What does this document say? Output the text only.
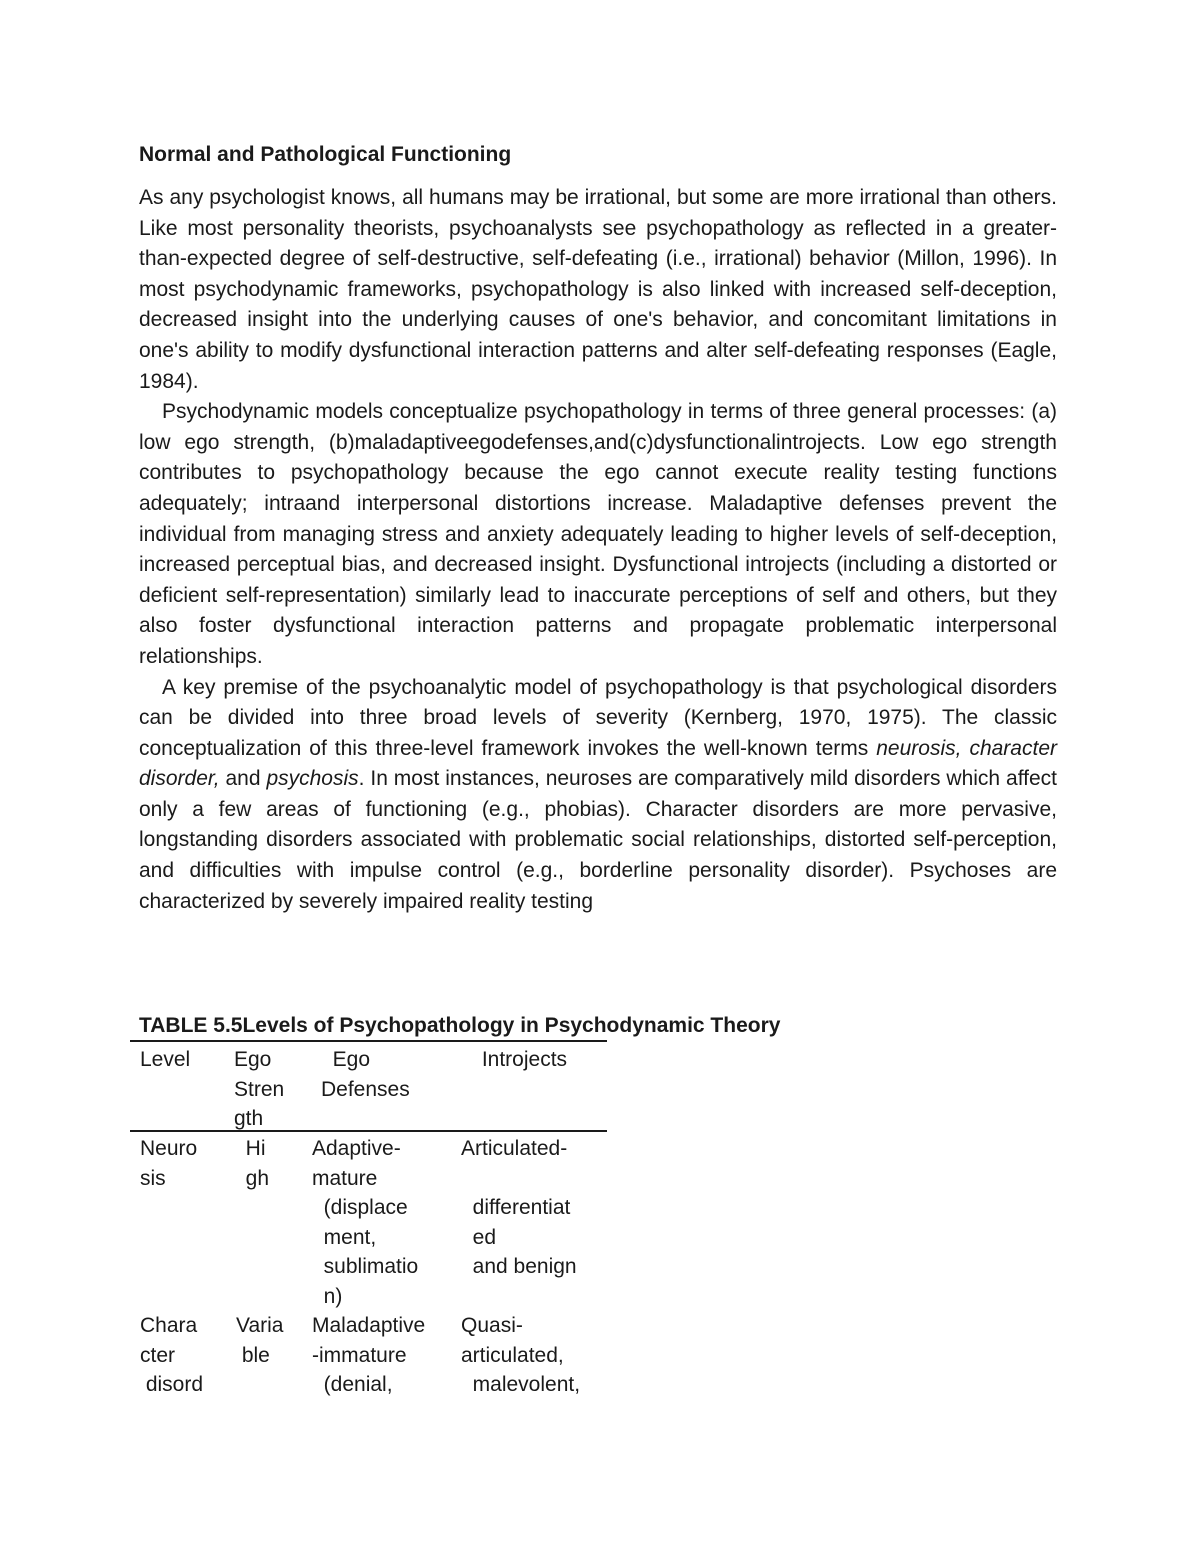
Normal and Pathological Functioning

As any psychologist knows, all humans may be irrational, but some are more irrational than others. Like most personality theorists, psychoanalysts see psychopathology as reflected in a greater-than-expected degree of self-destructive, self-defeating (i.e., irrational) behavior (Millon, 1996). In most psychodynamic frameworks, psychopathology is also linked with increased self-deception, decreased insight into the underlying causes of one's behavior, and concomitant limitations in one's ability to modify dysfunctional interaction patterns and alter self-defeating responses (Eagle, 1984).

Psychodynamic models conceptualize psychopathology in terms of three general processes: (a) low ego strength, (b)maladaptiveegodefenses,and(c)dysfunctionalintrojects. Low ego strength contributes to psychopathology because the ego cannot execute reality testing functions adequately; intraand interpersonal distortions increase. Maladaptive defenses prevent the individual from managing stress and anxiety adequately leading to higher levels of self-deception, increased perceptual bias, and decreased insight. Dysfunctional introjects (including a distorted or deficient self-representation) similarly lead to inaccurate perceptions of self and others, but they also foster dysfunctional interaction patterns and propagate problematic interpersonal relationships.

A key premise of the psychoanalytic model of psychopathology is that psychological disorders can be divided into three broad levels of severity (Kernberg, 1970, 1975). The classic conceptualization of this three-level framework invokes the well-known terms neurosis, character disorder, and psychosis. In most instances, neuroses are comparatively mild disorders which affect only a few areas of functioning (e.g., phobias). Character disorders are more pervasive, longstanding disorders associated with problematic social relationships, distorted self-perception, and difficulties with impulse control (e.g., borderline personality disorder). Psychoses are characterized by severely impaired reality testing

TABLE 5.5Levels of Psychopathology in Psychodynamic Theory

Level Ego
Stren
gth
Ego
Defenses
Introjects
Neuro
sis
Hi
gh
Adaptive-
mature
(displace
ment,
sublimatio
n)
Articulated-

differentiat
ed
and benign
Chara
cter
disord
Varia
ble
Maladaptive
-immature
(denial,
Quasi-
articulated,
malevolent,
